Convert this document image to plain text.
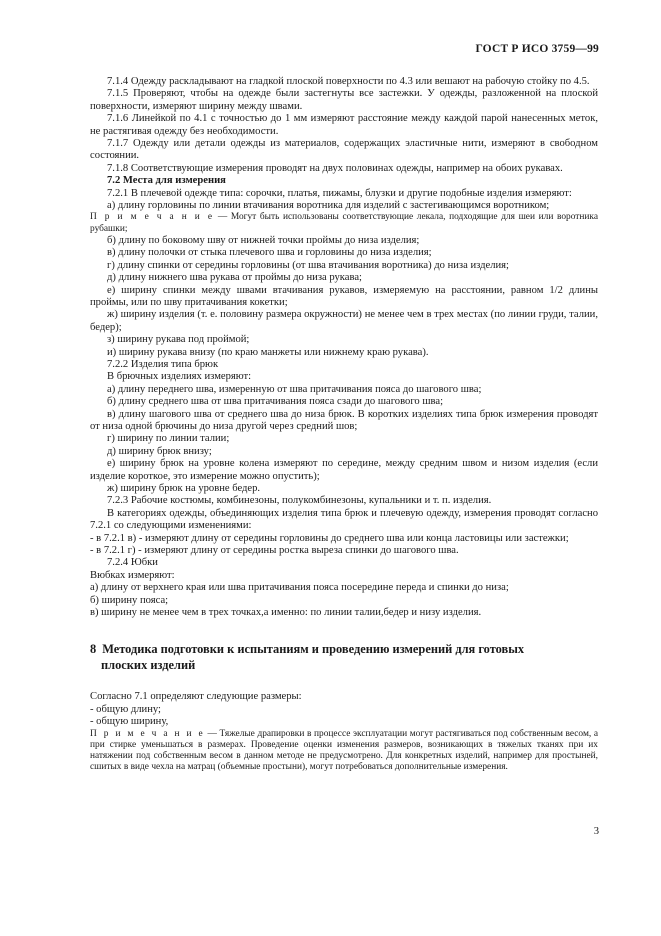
ГОСТ Р ИСО 3759—99

7.1.4 Одежду раскладывают на гладкой плоской поверхности по 4.3 или вешают на рабочую стойку по 4.5.

7.1.5 Проверяют, чтобы на одежде были застегнуты все застежки. У одежды, разложенной на плоской поверхности, измеряют ширину между швами.

7.1.6 Линейкой по 4.1 с точностью до 1 мм измеряют расстояние между каждой парой нанесенных меток, не растягивая одежду без необходимости.

7.1.7 Одежду или детали одежды из материалов, содержащих эластичные нити, измеряют в свободном состоянии.

7.1.8 Соответствующие измерения проводят на двух половинах одежды, например на обоих рукавах.

7.2 Места для измерения

7.2.1 В плечевой одежде типа: сорочки, платья, пижамы, блузки и другие подобные изделия измеряют:

а) длину горловины по линии втачивания воротника для изделий с застегивающимся воротником;

П р и м е ч а н и е — Могут быть использованы соответствующие лекала, подходящие для шеи или воротника рубашки;

б) длину по боковому шву от нижней точки проймы до низа изделия;

в) длину полочки от стыка плечевого шва и горловины до низа изделия;

г) длину спинки от середины горловины (от шва втачивания воротника) до низа изделия;

д) длину нижнего шва рукава от проймы до низа рукава;

е) ширину спинки между швами втачивания рукавов, измеряемую на расстоянии, равном 1/2 длины проймы, или по шву притачивания кокетки;

ж) ширину изделия (т. е. половину размера окружности) не менее чем в трех местах (по линии груди, талии, бедер);

з) ширину рукава под проймой;

и) ширину рукава внизу (по краю манжеты или нижнему краю рукава).

7.2.2 Изделия типа брюк

В брючных изделиях измеряют:

а) длину переднего шва, измеренную от шва притачивания пояса до шагового шва;

б) длину среднего шва от шва притачивания пояса сзади до шагового шва;

в) длину шагового шва от среднего шва до низа брюк. В коротких изделиях типа брюк измерения проводят от низа одной брючины до низа другой через средний шов;

г) ширину по линии талии;

д) ширину брюк внизу;

е) ширину брюк на уровне колена измеряют по середине, между средним швом и низом изделия (если изделие короткое, это измерение можно опустить);

ж) ширину брюк на уровне бедер.

7.2.3 Рабочие костюмы, комбинезоны, полукомбинезоны, купальники и т. п. изделия.

В категориях одежды, объединяющих изделия типа брюк и плечевую одежду, измерения проводят согласно 7.2.1 со следующими изменениями:

- в 7.2.1 в) - измеряют длину от середины горловины до среднего шва или конца ластовицы или застежки;

- в 7.2.1 г) - измеряют длину от середины ростка выреза спинки до шагового шва.

7.2.4 Юбки

Вюбках измеряют:

а) длину от верхнего края или шва притачивания пояса посередине переда и спинки до низа;

б) ширину пояса;

в) ширину не менее чем в трех точках,а именно: по линии талии,бедер и низу изделия.

8 Методика подготовки к испытаниям и проведению измерений для готовых
плоских изделий

Согласно 7.1 определяют следующие размеры:

- общую длину;

- общую ширину,

П р и м е ч а н и е — Тяжелые драпировки в процессе эксплуатации могут растягиваться под собственным весом, а при стирке уменьшаться в размерах. Проведение оценки изменения размеров, возникающих в тяжелых тканях при их натяжении под собственным весом в данном методе не предусмотрено. Для конкретных изделий, например для простыней, сшитых в виде чехла на матрац (объемные простыни), могут потребоваться дополнительные измерения.

3
